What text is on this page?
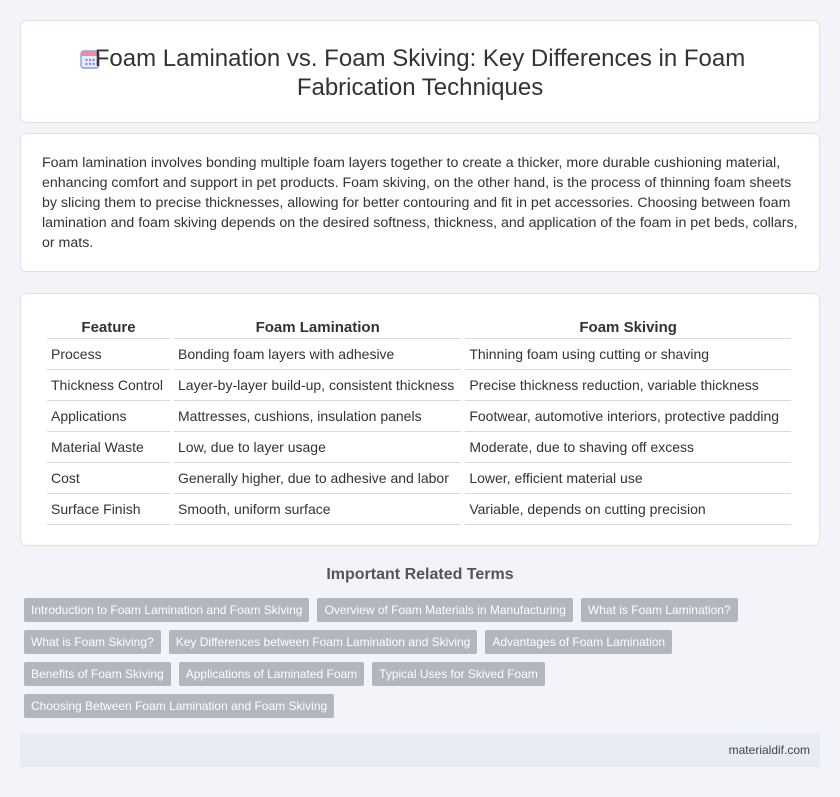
Foam Lamination vs. Foam Skiving: Key Differences in Foam Fabrication Techniques

Foam lamination involves bonding multiple foam layers together to create a thicker, more durable cushioning material, enhancing comfort and support in pet products. Foam skiving, on the other hand, is the process of thinning foam sheets by slicing them to precise thicknesses, allowing for better contouring and fit in pet accessories. Choosing between foam lamination and foam skiving depends on the desired softness, thickness, and application of the foam in pet beds, collars, or mats.

Feature	Foam Lamination	Foam Skiving
Process	Bonding foam layers with adhesive	Thinning foam using cutting or shaving
Thickness Control	Layer-by-layer build-up, consistent thickness	Precise thickness reduction, variable thickness
Applications	Mattresses, cushions, insulation panels	Footwear, automotive interiors, protective padding
Material Waste	Low, due to layer usage	Moderate, due to shaving off excess
Cost	Generally higher, due to adhesive and labor	Lower, efficient material use
Surface Finish	Smooth, uniform surface	Variable, depends on cutting precision
Important Related Terms
Introduction to Foam Lamination and Foam Skiving	Overview of Foam Materials in Manufacturing	What is Foam Lamination?
What is Foam Skiving?	Key Differences between Foam Lamination and Skiving	Advantages of Foam Lamination
Benefits of Foam Skiving	Applications of Laminated Foam	Typical Uses for Skived Foam
Choosing Between Foam Lamination and Foam Skiving
materialdif.com
